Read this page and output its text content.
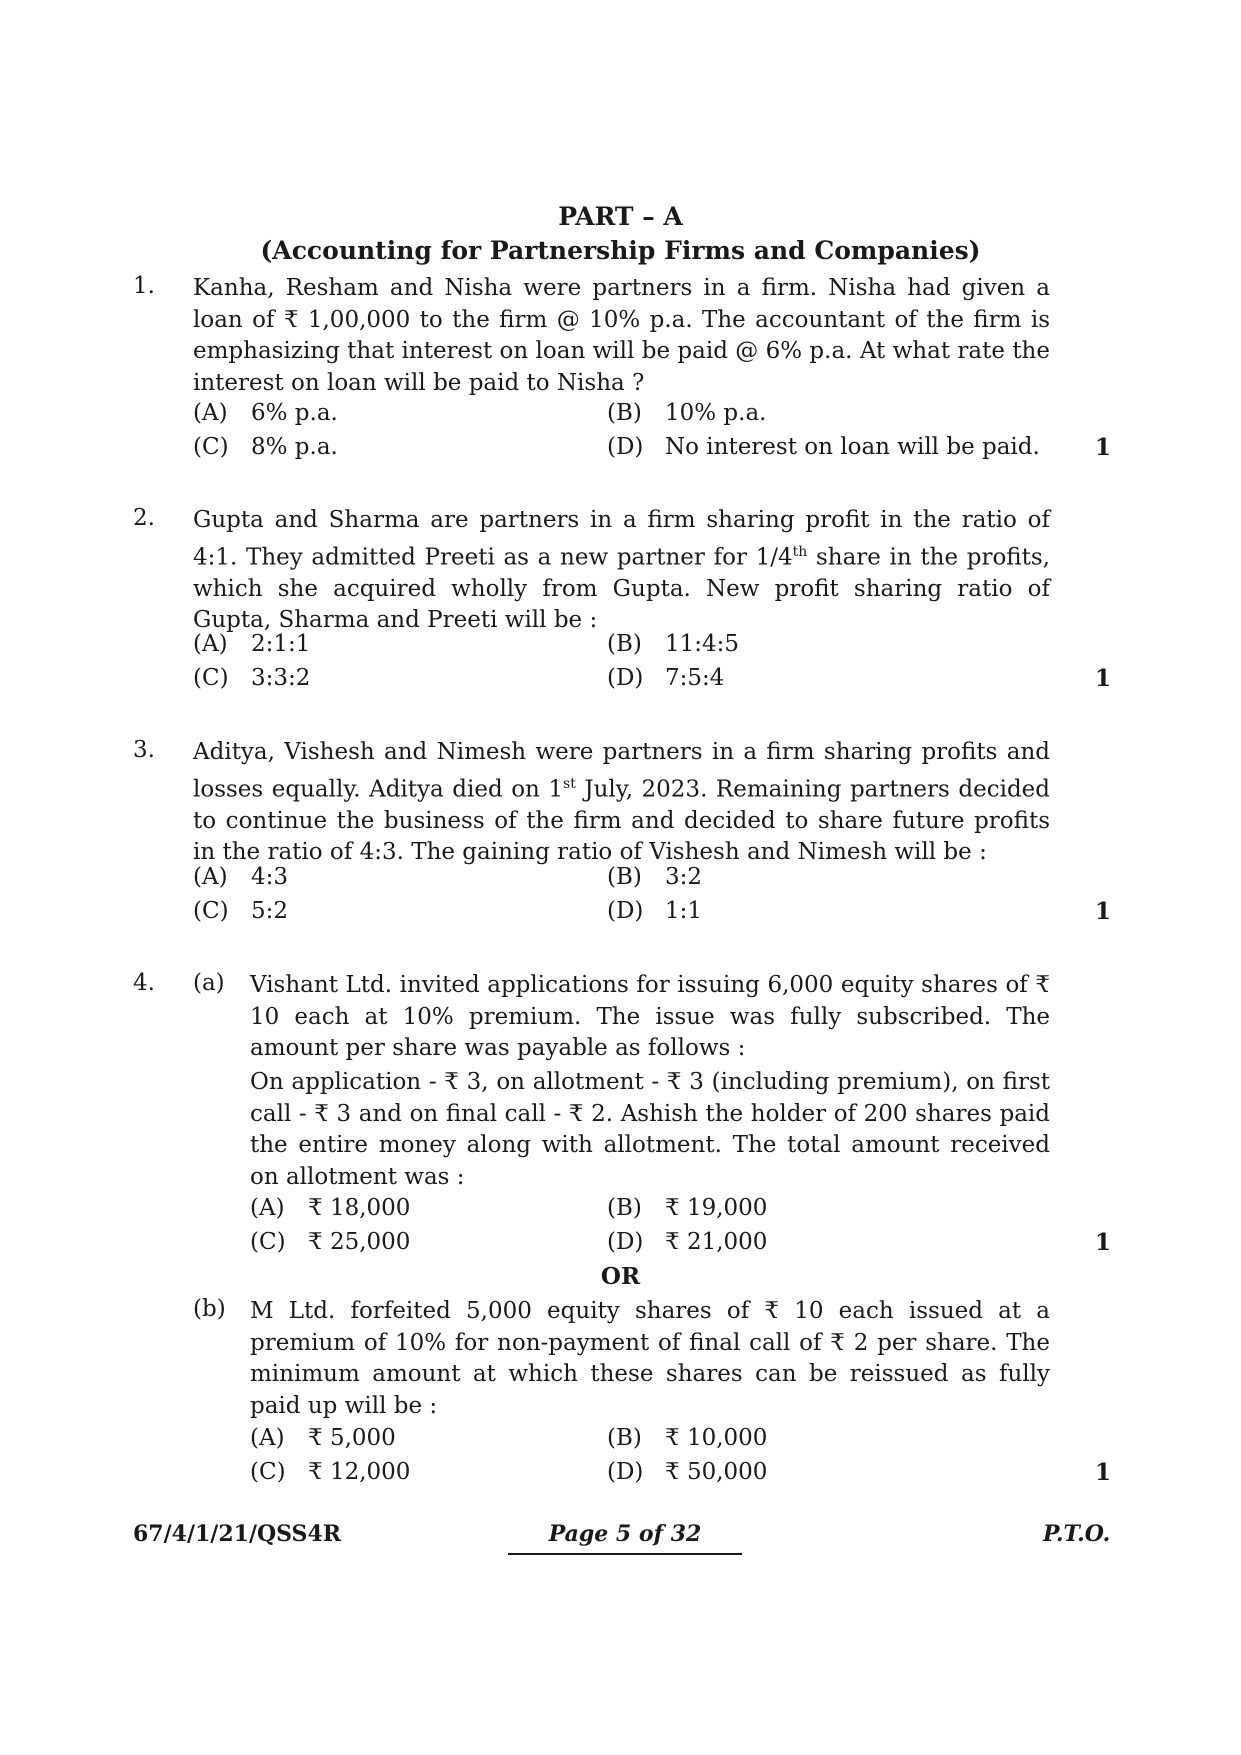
PART – A
(Accounting for Partnership Firms and Companies)
1. Kanha, Resham and Nisha were partners in a firm. Nisha had given a loan of ₹ 1,00,000 to the firm @ 10% p.a. The accountant of the firm is emphasizing that interest on loan will be paid @ 6% p.a. At what rate the interest on loan will be paid to Nisha ?
(A) 6% p.a.	(B) 10% p.a.
(C) 8% p.a.	(D) No interest on loan will be paid. 1
2. Gupta and Sharma are partners in a firm sharing profit in the ratio of 4:1. They admitted Preeti as a new partner for 1/4th share in the profits, which she acquired wholly from Gupta. New profit sharing ratio of Gupta, Sharma and Preeti will be :
(A) 2:1:1	(B) 11:4:5
(C) 3:3:2	(D) 7:5:4	1
3. Aditya, Vishesh and Nimesh were partners in a firm sharing profits and losses equally. Aditya died on 1st July, 2023. Remaining partners decided to continue the business of the firm and decided to share future profits in the ratio of 4:3. The gaining ratio of Vishesh and Nimesh will be :
(A) 4:3	(B) 3:2
(C) 5:2	(D) 1:1	1
4. (a) Vishant Ltd. invited applications for issuing 6,000 equity shares of ₹ 10 each at 10% premium. The issue was fully subscribed. The amount per share was payable as follows :
On application - ₹ 3, on allotment - ₹ 3 (including premium), on first call - ₹ 3 and on final call - ₹ 2. Ashish the holder of 200 shares paid the entire money along with allotment. The total amount received on allotment was :
(A) ₹ 18,000	(B) ₹ 19,000
(C) ₹ 25,000	(D) ₹ 21,000	1
OR
(b) M Ltd. forfeited 5,000 equity shares of ₹ 10 each issued at a premium of 10% for non-payment of final call of ₹ 2 per share. The minimum amount at which these shares can be reissued as fully paid up will be :
(A) ₹ 5,000	(B) ₹ 10,000
(C) ₹ 12,000	(D) ₹ 50,000	1
67/4/1/21/QSS4R	Page 5 of 32	P.T.O.
